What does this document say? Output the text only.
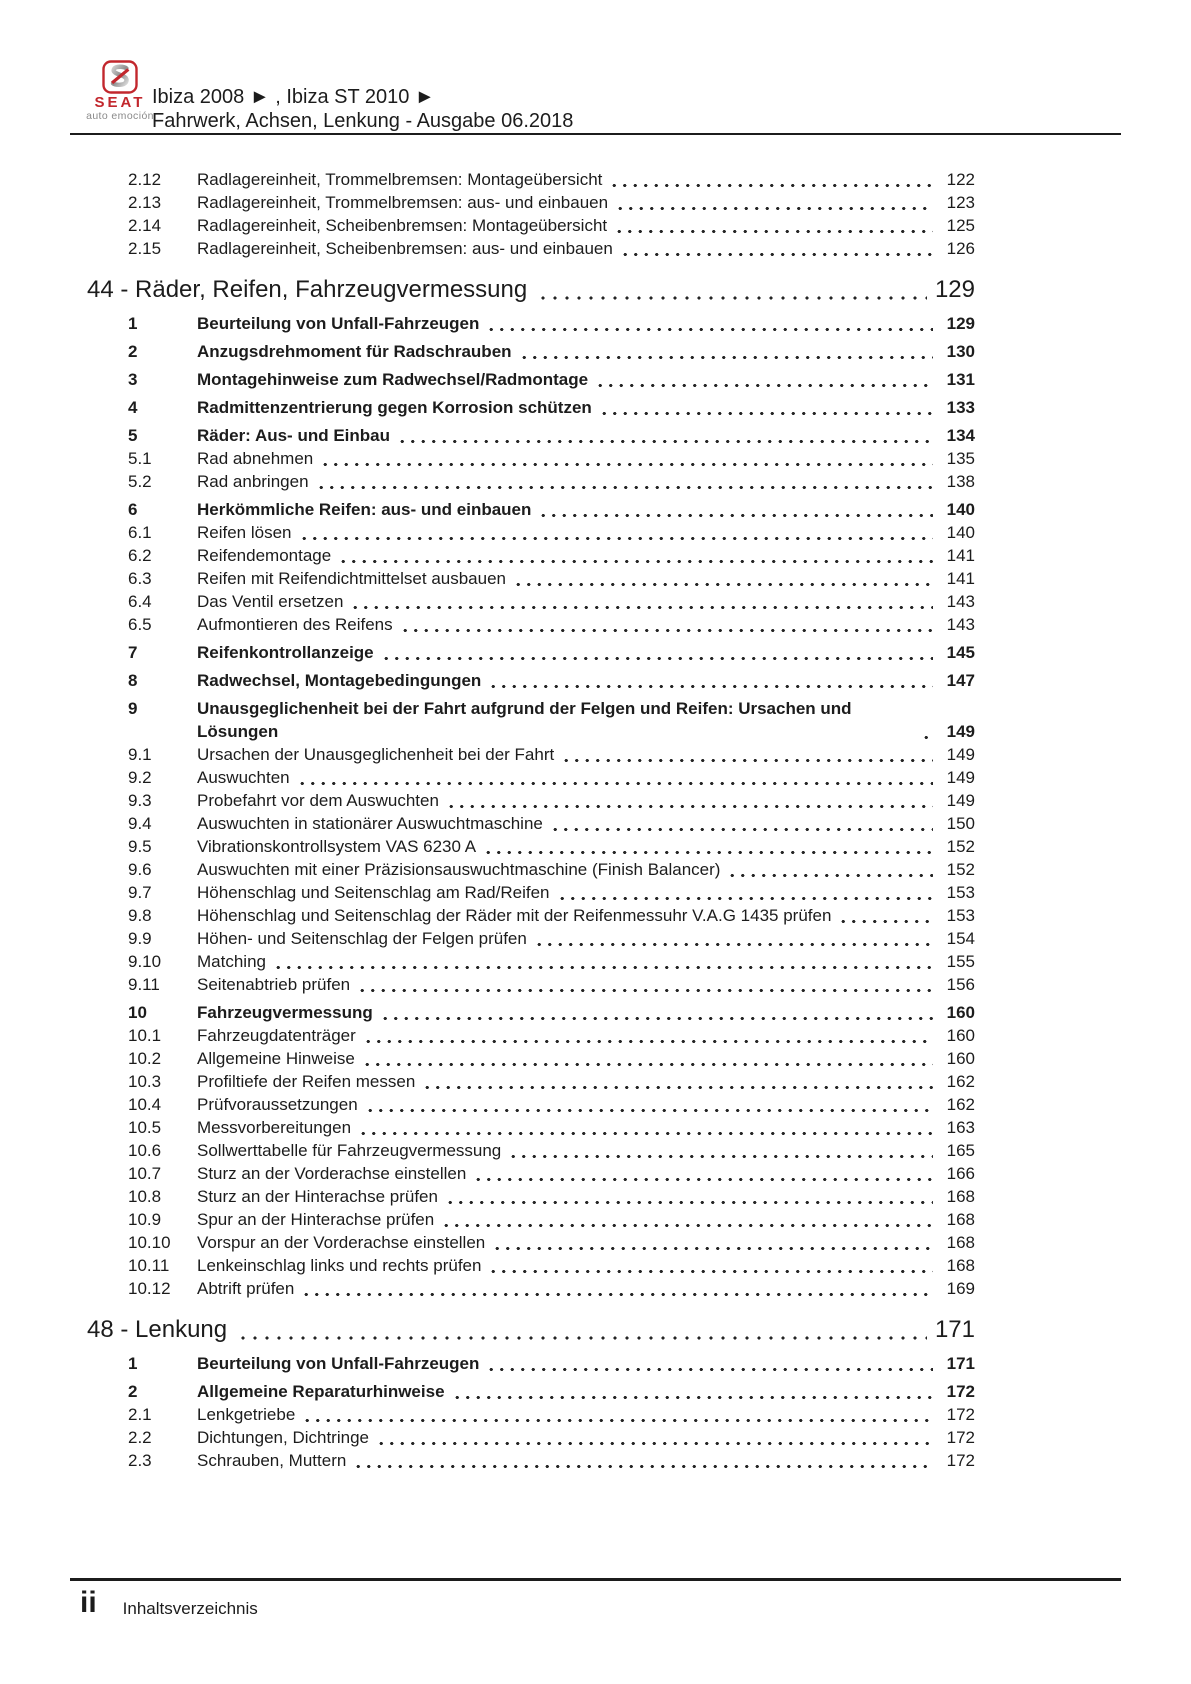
SEAT
auto emoción
Ibiza 2008 ► , Ibiza ST 2010 ►
Fahrwerk, Achsen, Lenkung - Ausgabe 06.2018
2.12	Radlagereinheit, Trommelbremsen: Montageübersicht	122
2.13	Radlagereinheit, Trommelbremsen: aus- und einbauen	123
2.14	Radlagereinheit, Scheibenbremsen: Montageübersicht	125
2.15	Radlagereinheit, Scheibenbremsen: aus- und einbauen	126
44 - Räder, Reifen, Fahrzeugvermessung	129
1	Beurteilung von Unfall-Fahrzeugen	129
2	Anzugsdrehmoment für Radschrauben	130
3	Montagehinweise zum Radwechsel/Radmontage	131
4	Radmittenzentrierung gegen Korrosion schützen	133
5	Räder: Aus- und Einbau	134
5.1	Rad abnehmen	135
5.2	Rad anbringen	138
6	Herkömmliche Reifen: aus- und einbauen	140
6.1	Reifen lösen	140
6.2	Reifendemontage	141
6.3	Reifen mit Reifendichtmittelset ausbauen	141
6.4	Das Ventil ersetzen	143
6.5	Aufmontieren des Reifens	143
7	Reifenkontrollanzeige	145
8	Radwechsel, Montagebedingungen	147
9	Unausgeglichenheit bei der Fahrt aufgrund der Felgen und Reifen: Ursachen und Lösungen	149
9.1	Ursachen der Unausgeglichenheit bei der Fahrt	149
9.2	Auswuchten	149
9.3	Probefahrt vor dem Auswuchten	149
9.4	Auswuchten in stationärer Auswuchtmaschine	150
9.5	Vibrationskontrollsystem VAS 6230 A	152
9.6	Auswuchten mit einer Präzisionsauswuchtmaschine (Finish Balancer)	152
9.7	Höhenschlag und Seitenschlag am Rad/Reifen	153
9.8	Höhenschlag und Seitenschlag der Räder mit der Reifenmessuhr V.A.G 1435 prüfen	153
9.9	Höhen- und Seitenschlag der Felgen prüfen	154
9.10	Matching	155
9.11	Seitenabtrieb prüfen	156
10	Fahrzeugvermessung	160
10.1	Fahrzeugdatenträger	160
10.2	Allgemeine Hinweise	160
10.3	Profiltiefe der Reifen messen	162
10.4	Prüfvoraussetzungen	162
10.5	Messvorbereitungen	163
10.6	Sollwerttabelle für Fahrzeugvermessung	165
10.7	Sturz an der Vorderachse einstellen	166
10.8	Sturz an der Hinterachse prüfen	168
10.9	Spur an der Hinterachse prüfen	168
10.10	Vorspur an der Vorderachse einstellen	168
10.11	Lenkeinschlag links und rechts prüfen	168
10.12	Abtrift prüfen	169
48 - Lenkung	171
1	Beurteilung von Unfall-Fahrzeugen	171
2	Allgemeine Reparaturhinweise	172
2.1	Lenkgetriebe	172
2.2	Dichtungen, Dichtringe	172
2.3	Schrauben, Muttern	172
ii Inhaltsverzeichnis
